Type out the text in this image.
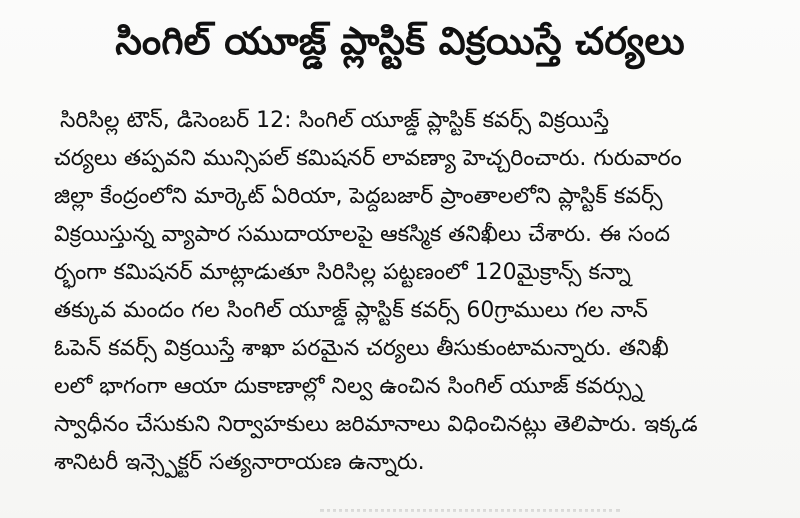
సింగిల్ యూజ్డ్ ప్లాస్టిక్ విక్రయిస్తే చర్యలు
సిరిసిల్ల టౌన్, డిసెంబర్ 12: సింగిల్ యూజ్డ్ ప్లాస్టిక్ కవర్స్ విక్రయిస్తే
చర్యలు తప్పవని మున్సిపల్ కమిషనర్ లావణ్యా హెచ్చరించారు. గురువారం
జిల్లా కేంద్రంలోని మార్కెట్ ఏరియా, పెద్దబజార్ ప్రాంతాలలోని ప్లాస్టిక్ కవర్స్
విక్రయిస్తున్న వ్యాపార సముదాయాలపై ఆకస్మిక తనిఖీలు చేశారు. ఈ సంద
ర్భంగా కమిషనర్ మాట్లాడుతూ సిరిసిల్ల పట్టణంలో 120మైక్రాన్స్ కన్నా
తక్కువ మందం గల సింగిల్ యూజ్డ్ ప్లాస్టిక్ కవర్స్ 60గ్రాములు గల నాన్
ఓపెన్ కవర్స్ విక్రయిస్తే శాఖా పరమైన చర్యలు తీసుకుంటామన్నారు. తనిఖీ
లలో భాగంగా ఆయా దుకాణాల్లో నిల్వ ఉంచిన సింగిల్ యూజ్ కవర్స్ను
స్వాధీనం చేసుకుని నిర్వాహకులు జరిమానాలు విధించినట్లు తెలిపారు. ఇక్కడ
శానిటరీ ఇన్స్పెక్టర్ సత్యనారాయణ ఉన్నారు.
